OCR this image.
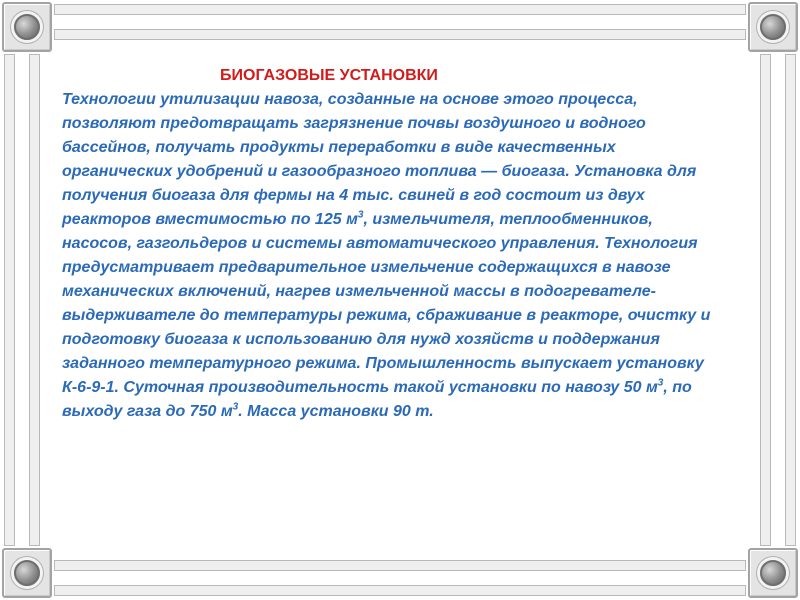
БИОГАЗОВЫЕ УСТАНОВКИ

Технологии утилизации навоза, созданные на основе этого процесса, позволяют предотвращать загрязнение почвы воздушного и водного бассейнов, получать продукты переработки в виде качественных органических удобрений и газообразного топлива — биогаза. Установка для получения биогаза для фермы на 4 тыс. свиней в год состоит из двух реакторов вместимостью по 125 $м^3$, измельчителя, теплообменников, насосов, газгольдеров и системы автоматического управления. Технология предусматривает предварительное измельчение содержащихся в навозе механических включений, нагрев измельченной массы в подогревателе-выдерживателе до температуры режима, сбраживание в реакторе, очистку и подготовку биогаза к использованию для нужд хозяйств и поддержания заданного температурного режима. Промышленность выпускает установку К-6-9-1. Суточная производительность такой установки по навозу 50 $м^3$, по выходу газа до 750 $м^3$. Масса установки 90 т.
